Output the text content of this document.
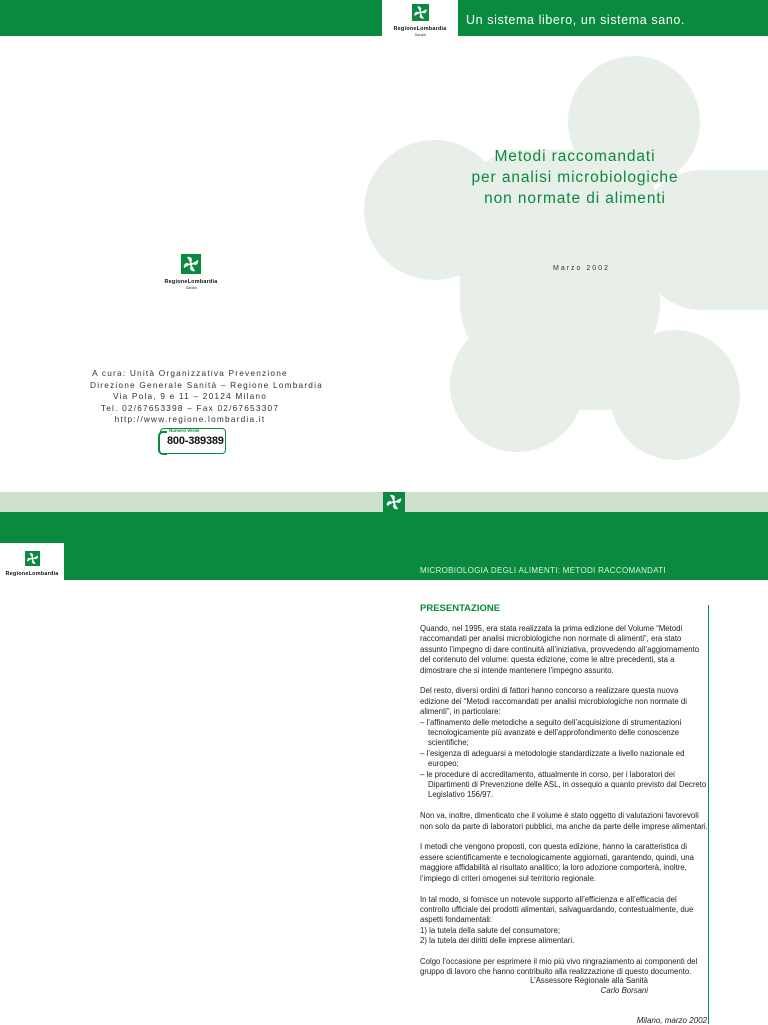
RegioneLombardia
Sanità
Un sistema libero, un sistema sano.
Metodi raccomandati
per analisi microbiologiche
non normate di alimenti
Marzo 2002
RegioneLombardia
Sanità
A cura: Unità Organizzativa Prevenzione
Direzione Generale Sanità – Regione Lombardia
Via Pola, 9 e 11 – 20124 Milano
Tel. 02/67653398 – Fax 02/67653307
http://www.regione.lombardia.it
Numero Verde
800-389389
RegioneLombardia	MICROBIOLOGIA DEGLI ALIMENTI: METODI RACCOMANDATI
PRESENTAZIONE

Quando, nel 1995, era stata realizzata la prima edizione del Volume “Metodi raccomandati per analisi microbiologiche non normate di alimenti”, era stato assunto l’impegno di dare continuità all’iniziativa, provvedendo all’aggiornamento del contenuto del volume: questa edizione, come le altre precedenti, sta a dimostrare che si intende mantenere l’impegno assunto.

Del resto, diversi ordini di fattori hanno concorso a realizzare questa nuova edizione dei “Metodi raccomandati per analisi microbiologiche non normate di alimenti”, in particolare:
– l’affinamento delle metodiche a seguito dell’acquisizione di strumentazioni tecnologicamente più avanzate e dell’approfondimento delle conoscenze scientifiche;
– l’esigenza di adeguarsi a metodologie standardizzate a livello nazionale ed europeo;
– le procedure di accreditamento, attualmente in corso, per i laboratori dei Dipartimenti di Prevenzione delle ASL, in ossequio a quanto previsto dal Decreto Legislativo 156/97.

Non va, inoltre, dimenticato che il volume è stato oggetto di valutazioni favorevoli non solo da parte di laboratori pubblici, ma anche da parte delle imprese alimentari.

I metodi che vengono proposti, con questa edizione, hanno la caratteristica di essere scientificamente e tecnologicamente aggiornati, garantendo, quindi, una maggiore affidabilità al risultato analitico; la loro adozione comporterà, inoltre, l’impiego di criteri omogenei sul territorio regionale.

In tal modo, si fornisce un notevole supporto all’efficienza e all’efficacia del controllo ufficiale dei prodotti alimentari, salvaguardando, contestualmente, due aspetti fondamentali:
1) la tutela della salute del consumatore;
2) la tutela dei diritti delle imprese alimentari.

Colgo l’occasione per esprimere il mio più vivo ringraziamento ai componenti del gruppo di lavoro che hanno contribuito alla realizzazione di questo documento.

L’Assessore Regionale alla Sanità
Carlo Borsani
Milano, marzo 2002
